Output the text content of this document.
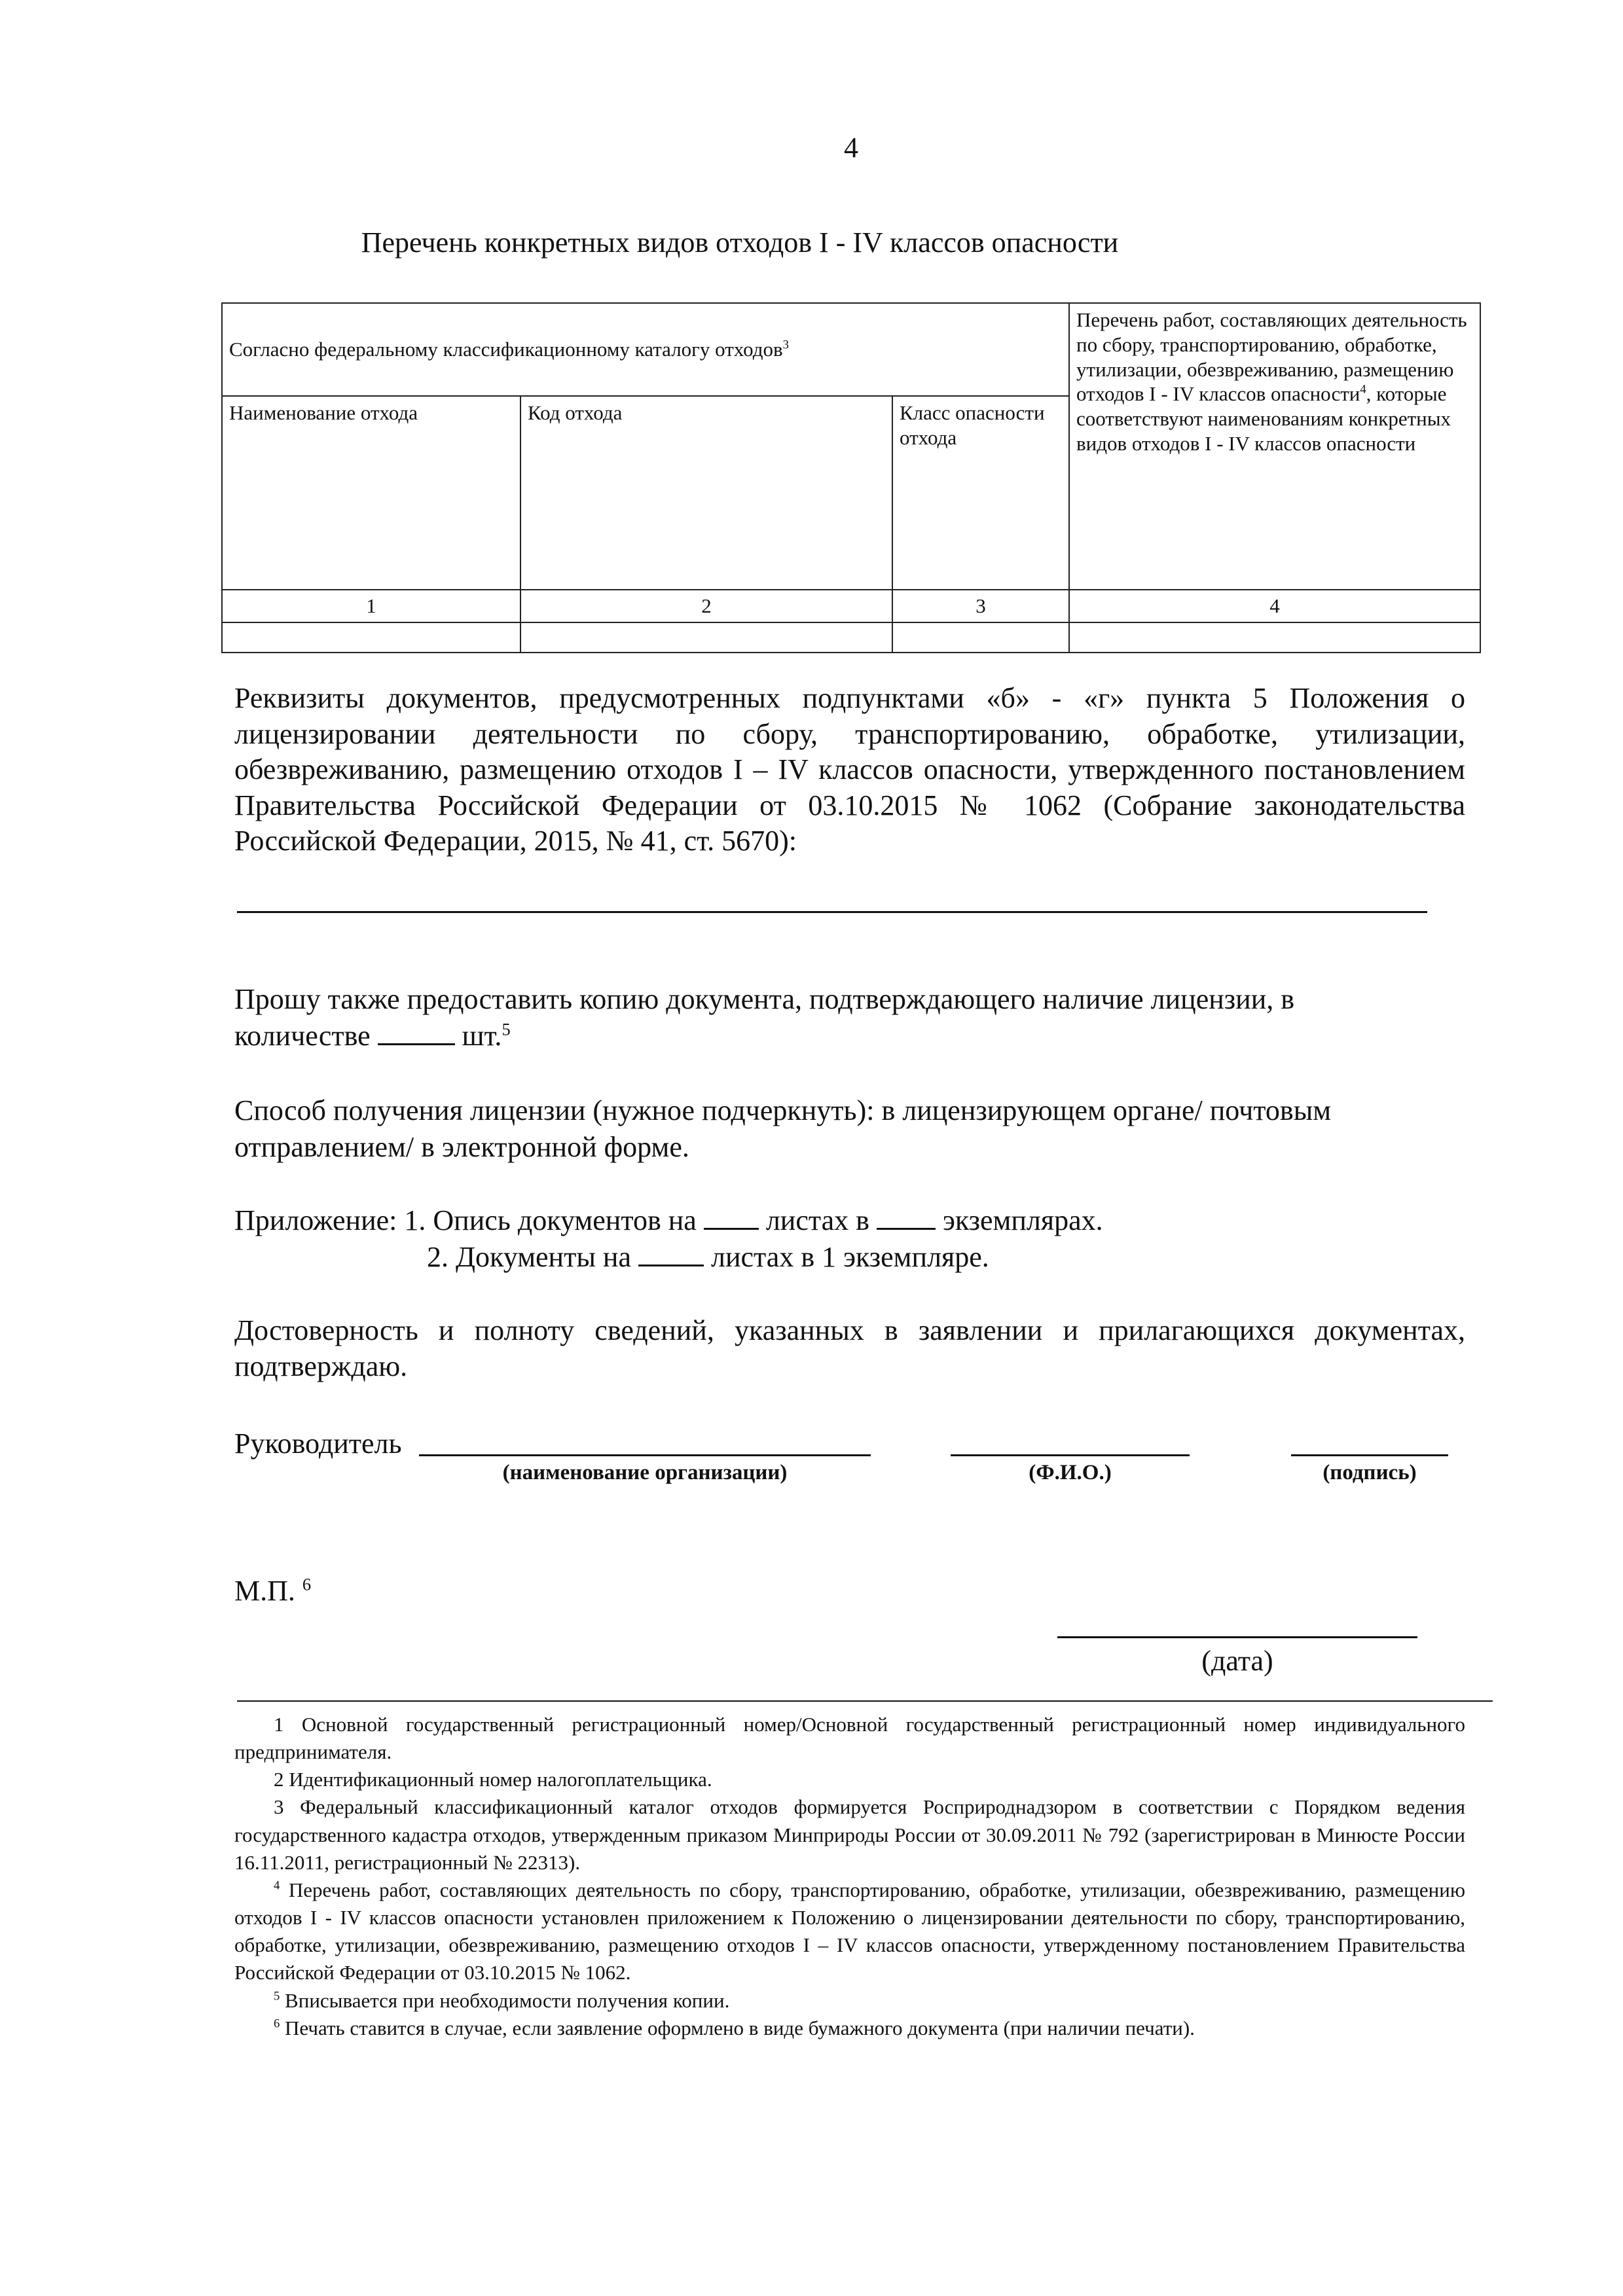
4
Перечень конкретных видов отходов I - IV классов опасности
Согласно федеральному классификационному каталогу отходов$^3$			Перечень работ, составляющих деятельность по сбору, транспортированию, обработке, утилизации, обезвреживанию, размещению отходов I - IV классов опасности$^4$, которые соответствуют наименованиям конкретных видов отходов I - IV классов опасности
Наименование отхода	Код отхода	Класс опасности отхода	
1	2	3	4

Реквизиты документов, предусмотренных подпунктами «б» - «г» пункта 5 Положения о лицензировании деятельности по сбору, транспортированию, обработке, утилизации, обезвреживанию, размещению отходов I – IV классов опасности, утвержденного постановлением Правительства Российской Федерации от 03.10.2015 № 1062 (Собрание законодательства Российской Федерации, 2015, № 41, ст. 5670):
Прошу также предоставить копию документа, подтверждающего наличие лицензии, в
количестве	шт.$^5$
Способ получения лицензии (нужное подчеркнуть): в лицензирующем органе/ почтовым
отправлением/ в электронной форме.
Приложение: 1. Опись документов на листах в	экземплярах.
2. Документы на	листах в 1 экземпляре.
Достоверность и полноту сведений, указанных в заявлении и прилагающихся документах, подтверждаю.
Руководитель
(наименование организации)	(Ф.И.О.)	(подпись)
М.П. $^6$
(дата)
1 Основной государственный регистрационный номер/Основной государственный регистрационный номер индивидуального предпринимателя.
2 Идентификационный номер налогоплательщика.
3 Федеральный классификационный каталог отходов формируется Росприроднадзором в соответствии с Порядком ведения государственного кадастра отходов, утвержденным приказом Минприроды России от 30.09.2011 № 792 (зарегистрирован в Минюсте России 16.11.2011, регистрационный № 22313).
$^4$ Перечень работ, составляющих деятельность по сбору, транспортированию, обработке, утилизации, обезвреживанию, размещению отходов I - IV классов опасности установлен приложением к Положению о лицензировании деятельности по сбору, транспортированию, обработке, утилизации, обезвреживанию, размещению отходов I – IV классов опасности, утвержденному постановлением Правительства Российской Федерации от 03.10.2015 № 1062.
$^5$ Вписывается при необходимости получения копии.
$^6$ Печать ставится в случае, если заявление оформлено в виде бумажного документа (при наличии печати).
